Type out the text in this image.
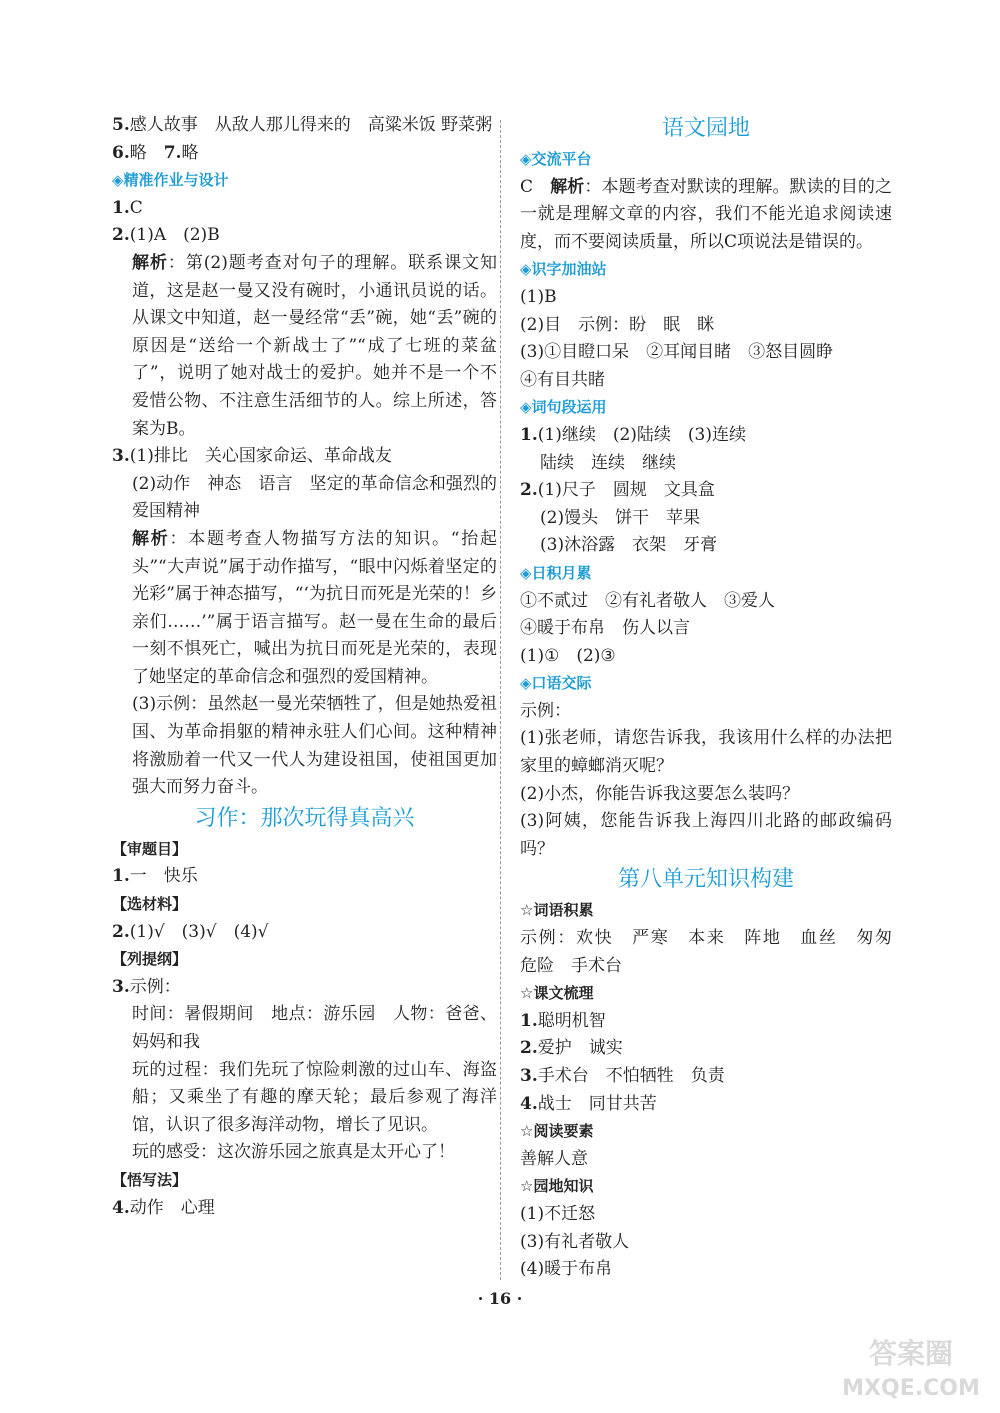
5.感人故事　从敌人那儿得来的　高粱米饭 野菜粥
6.略　7.略
◈精准作业与设计
1.C
2.(1)A　(2)B
解析：第(2)题考查对句子的理解。联系课文知道，这是赵一曼又没有碗时，小通讯员说的话。从课文中知道，赵一曼经常“丢”碗，她“丢”碗的原因是“送给一个新战士了”“成了七班的菜盆了”，说明了她对战士的爱护。她并不是一个不爱惜公物、不注意生活细节的人。综上所述，答案为B。
3.(1)排比　关心国家命运、革命战友
(2)动作　神态　语言　坚定的革命信念和强烈的爱国精神
解析：本题考查人物描写方法的知识。“抬起头”“大声说”属于动作描写，“眼中闪烁着坚定的光彩”属于神态描写，“‘为抗日而死是光荣的！乡亲们……’”属于语言描写。赵一曼在生命的最后一刻不惧死亡，喊出为抗日而死是光荣的，表现了她坚定的革命信念和强烈的爱国精神。
(3)示例：虽然赵一曼光荣牺牲了，但是她热爱祖国、为革命捐躯的精神永驻人们心间。这种精神将激励着一代又一代人为建设祖国，使祖国更加强大而努力奋斗。
习作：那次玩得真高兴
【审题目】
1.一　快乐
【选材料】
2.(1)√　(3)√　(4)√
【列提纲】
3.示例：
时间：暑假期间　地点：游乐园　人物：爸爸、妈妈和我
玩的过程：我们先玩了惊险刺激的过山车、海盗船；又乘坐了有趣的摩天轮；最后参观了海洋馆，认识了很多海洋动物，增长了见识。
玩的感受：这次游乐园之旅真是太开心了！
【悟写法】
4.动作　心理
语文园地
◈交流平台
C　解析：本题考查对默读的理解。默读的目的之一就是理解文章的内容，我们不能光追求阅读速度，而不要阅读质量，所以C项说法是错误的。
◈识字加油站
(1)B
(2)目　示例：盼　眠　眯
(3)①目瞪口呆　②耳闻目睹　③怒目圆睁
④有目共睹
◈词句段运用
1.(1)继续　(2)陆续　(3)连续
陆续　连续　继续
2.(1)尺子　圆规　文具盒
(2)馒头　饼干　苹果
(3)沐浴露　衣架　牙膏
◈日积月累
①不贰过　②有礼者敬人　③爱人
④暖于布帛　伤人以言
(1)①　(2)③
◈口语交际
示例：
(1)张老师，请您告诉我，我该用什么样的办法把家里的蟑螂消灭呢？
(2)小杰，你能告诉我这要怎么装吗？
(3)阿姨，您能告诉我上海四川北路的邮政编码吗？
第八单元知识构建
☆词语积累
示例：欢快　严寒　本来　阵地　血丝　匆匆　危险　手术台
☆课文梳理
1.聪明机智
2.爱护　诚实
3.手术台　不怕牺牲　负责
4.战士　同甘共苦
☆阅读要素
善解人意
☆园地知识
(1)不迁怒
(3)有礼者敬人
(4)暖于布帛
· 16 ·
答案圈
MXQE.COM
